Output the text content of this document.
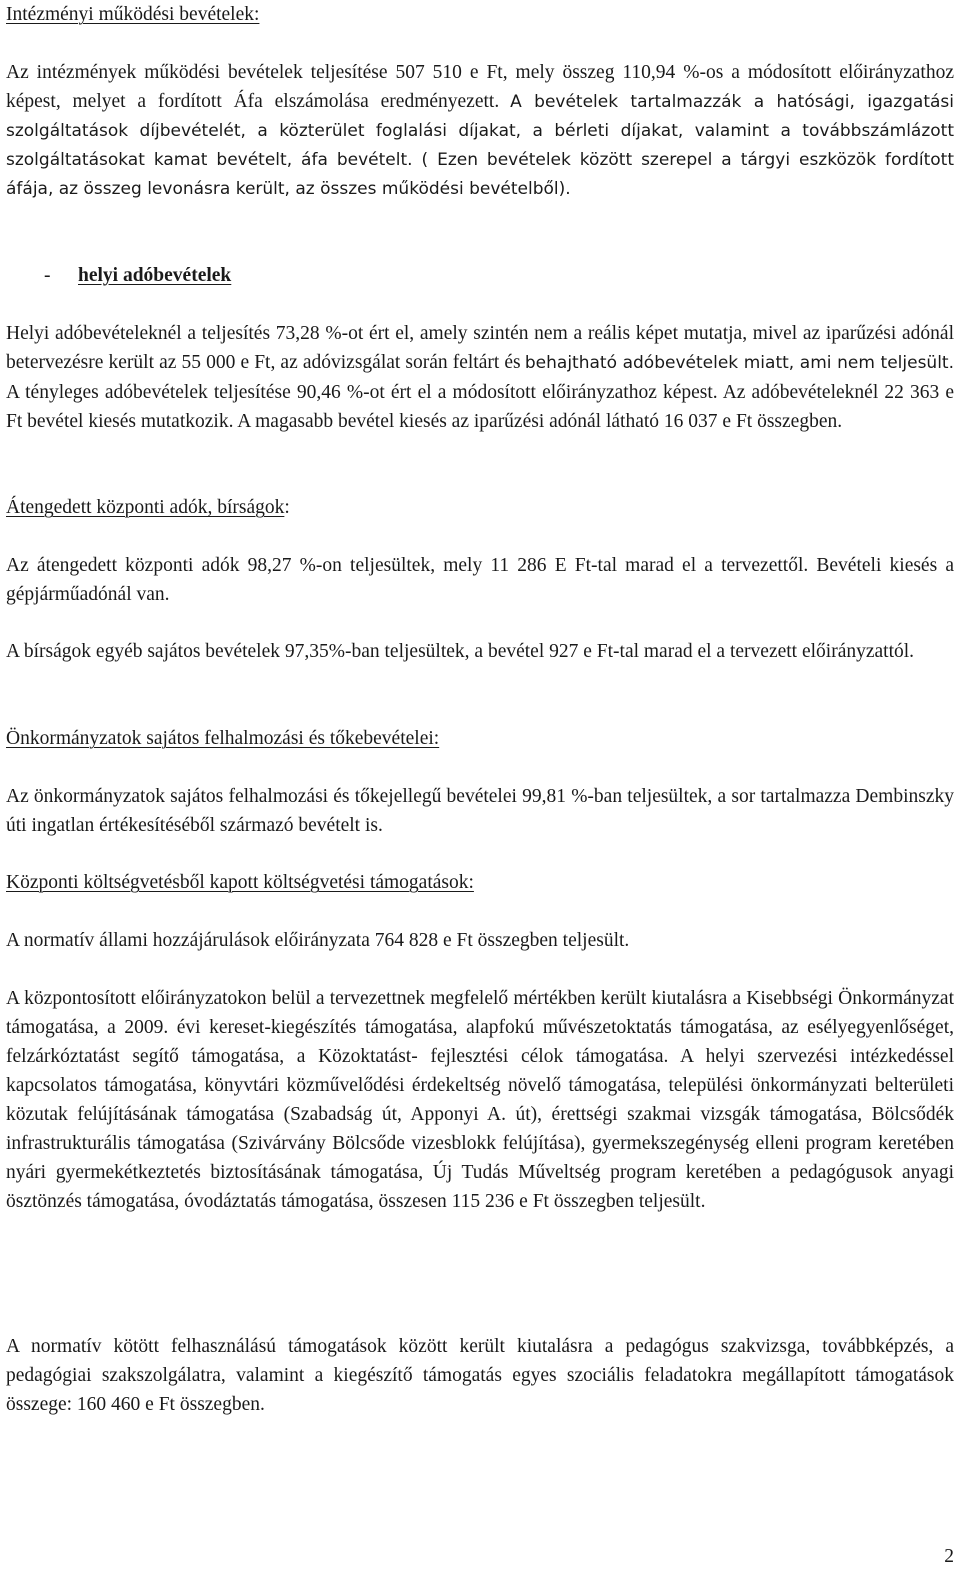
Intézményi működési bevételek:
Az intézmények működési bevételek teljesítése 507 510 e Ft, mely összeg 110,94 %-os a módosított előirányzathoz képest, melyet a fordított Áfa elszámolása eredményezett. A bevételek tartalmazzák a hatósági, igazgatási szolgáltatások díjbevételét, a közterület foglalási díjakat, a bérleti díjakat, valamint a továbbszámlázott szolgáltatásokat kamat bevételt, áfa bevételt. ( Ezen bevételek között szerepel a tárgyi eszközök fordított áfája, az összeg levonásra került, az összes működési bevételből).
- helyi adóbevételek
Helyi adóbevételeknél a teljesítés 73,28 %-ot ért el, amely szintén nem a reális képet mutatja, mivel az iparűzési adónál betervezésre került az 55 000 e Ft, az adóvizsgálat során feltárt és behajtható adóbevételek miatt, ami nem teljesült. A tényleges adóbevételek teljesítése 90,46 %-ot ért el a módosított előirányzathoz képest. Az adóbevételeknél 22 363 e Ft bevétel kiesés mutatkozik. A magasabb bevétel kiesés az iparűzési adónál látható 16 037 e Ft összegben.
Átengedett központi adók, bírságok:
Az átengedett központi adók 98,27 %-on teljesültek, mely 11 286 E Ft-tal marad el a tervezettől. Bevételi kiesés a gépjárműadónál van.
A bírságok egyéb sajátos bevételek 97,35%-ban teljesültek, a bevétel 927 e Ft-tal marad el a tervezett előirányzattól.
Önkormányzatok sajátos felhalmozási és tőkebevételei:
Az önkormányzatok sajátos felhalmozási és tőkejellegű bevételei 99,81 %-ban teljesültek, a sor tartalmazza Dembinszky úti ingatlan értékesítéséből származó bevételt is.
Központi költségvetésből kapott költségvetési támogatások:
A normatív állami hozzájárulások előirányzata 764 828 e Ft összegben teljesült.
A központosított előirányzatokon belül a tervezettnek megfelelő mértékben került kiutalásra a Kisebbségi Önkormányzat támogatása, a 2009. évi kereset-kiegészítés támogatása, alapfokú művészetoktatás támogatása, az esélyegyenlőséget, felzárkóztatást segítő támogatása, a Közoktatást- fejlesztési célok támogatása. A helyi szervezési intézkedéssel kapcsolatos támogatása, könyvtári közművelődési érdekeltség növelő támogatása, települési önkormányzati belterületi közutak felújításának támogatása (Szabadság út, Apponyi A. út), érettségi szakmai vizsgák támogatása, Bölcsődék infrastrukturális támogatása (Szivárvány Bölcsőde vizesblokk felújítása), gyermekszegénység elleni program keretében nyári gyermekétkeztetés biztosításának támogatása, Új Tudás Műveltség program keretében a pedagógusok anyagi ösztönzés támogatása, óvodáztatás támogatása, összesen 115 236 e Ft összegben teljesült.
A normatív kötött felhasználású támogatások között került kiutalásra a pedagógus szakvizsga, továbbképzés, a pedagógiai szakszolgálatra, valamint a kiegészítő támogatás egyes szociális feladatokra megállapított támogatások összege: 160 460 e Ft összegben.
2
